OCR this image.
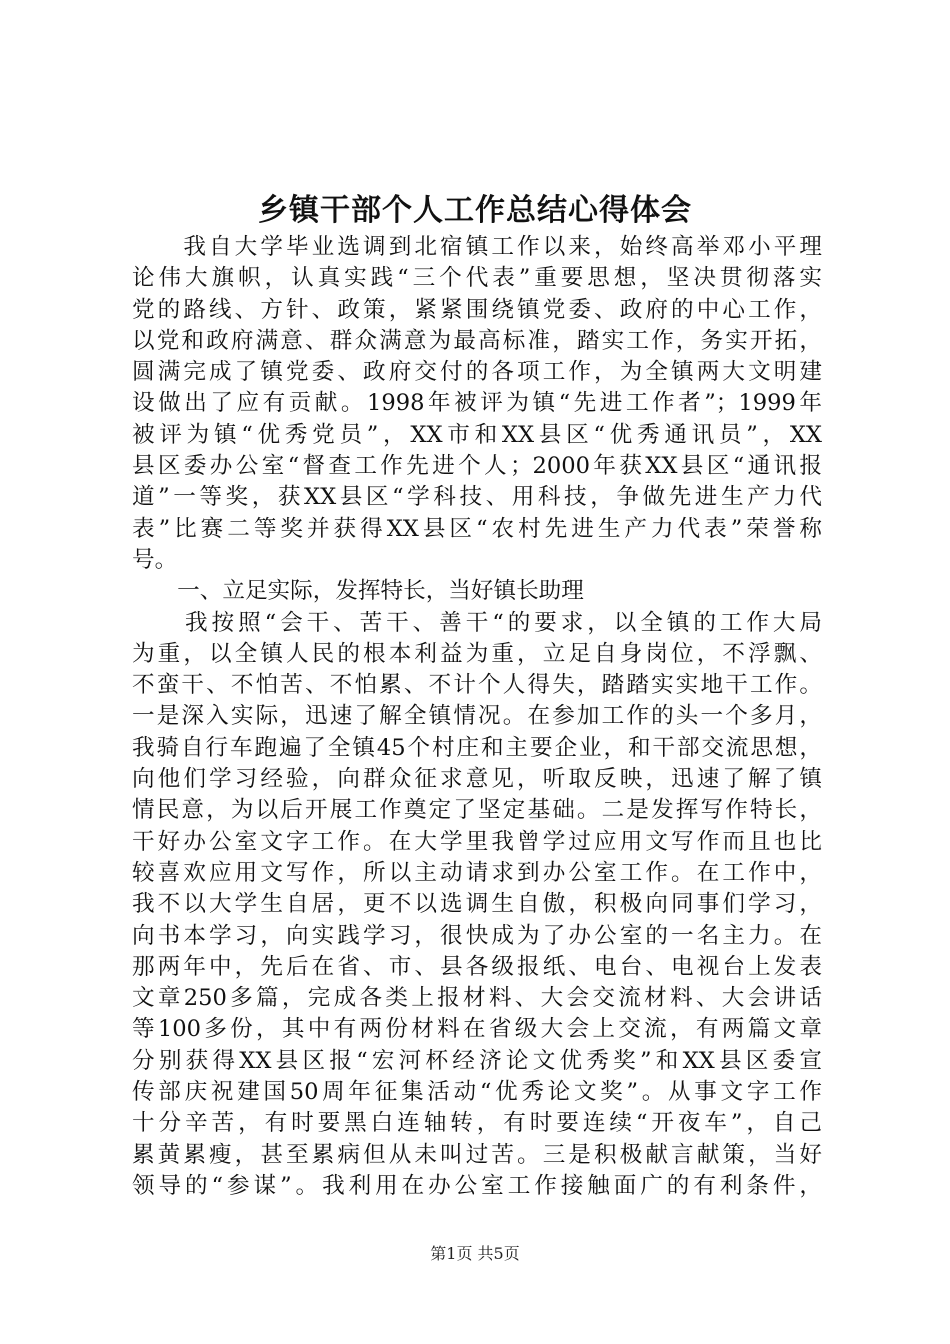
乡镇干部个人工作总结心得体会
　　我自大学毕业选调到北宿镇工作以来，始终高举邓小平理
论伟大旗帜，认真实践“三个代表”重要思想，坚决贯彻落实
党的路线、方针、政策，紧紧围绕镇党委、政府的中心工作，
以党和政府满意、群众满意为最高标准，踏实工作，务实开拓，
圆满完成了镇党委、政府交付的各项工作，为全镇两大文明建
设做出了应有贡献。1998年被评为镇“先进工作者”；1999年
被评为镇“优秀党员”，XX市和XX县区“优秀通讯员”，XX
县区委办公室“督查工作先进个人；2000年获XX县区“通讯报
道”一等奖，获XX县区“学科技、用科技，争做先进生产力代
表”比赛二等奖并获得XX县区“农村先进生产力代表”荣誉称
号。
　　一、立足实际，发挥特长，当好镇长助理
　　我按照“会干、苦干、善干“的要求，以全镇的工作大局
为重，以全镇人民的根本利益为重，立足自身岗位，不浮飘、
不蛮干、不怕苦、不怕累、不计个人得失，踏踏实实地干工作。
一是深入实际，迅速了解全镇情况。在参加工作的头一个多月，
我骑自行车跑遍了全镇45个村庄和主要企业，和干部交流思想，
向他们学习经验，向群众征求意见，听取反映，迅速了解了镇
情民意，为以后开展工作奠定了坚定基础。二是发挥写作特长，
干好办公室文字工作。在大学里我曾学过应用文写作而且也比
较喜欢应用文写作，所以主动请求到办公室工作。在工作中，
我不以大学生自居，更不以选调生自傲，积极向同事们学习，
向书本学习，向实践学习，很快成为了办公室的一名主力。在
那两年中，先后在省、市、县各级报纸、电台、电视台上发表
文章250多篇，完成各类上报材料、大会交流材料、大会讲话
等100多份，其中有两份材料在省级大会上交流，有两篇文章
分别获得XX县区报“宏河杯经济论文优秀奖”和XX县区委宣
传部庆祝建国50周年征集活动“优秀论文奖”。从事文字工作
十分辛苦，有时要黑白连轴转，有时要连续“开夜车”，自己
累黄累瘦，甚至累病但从未叫过苦。三是积极献言献策，当好
领导的“参谋”。我利用在办公室工作接触面广的有利条件，
第1页 共5页
